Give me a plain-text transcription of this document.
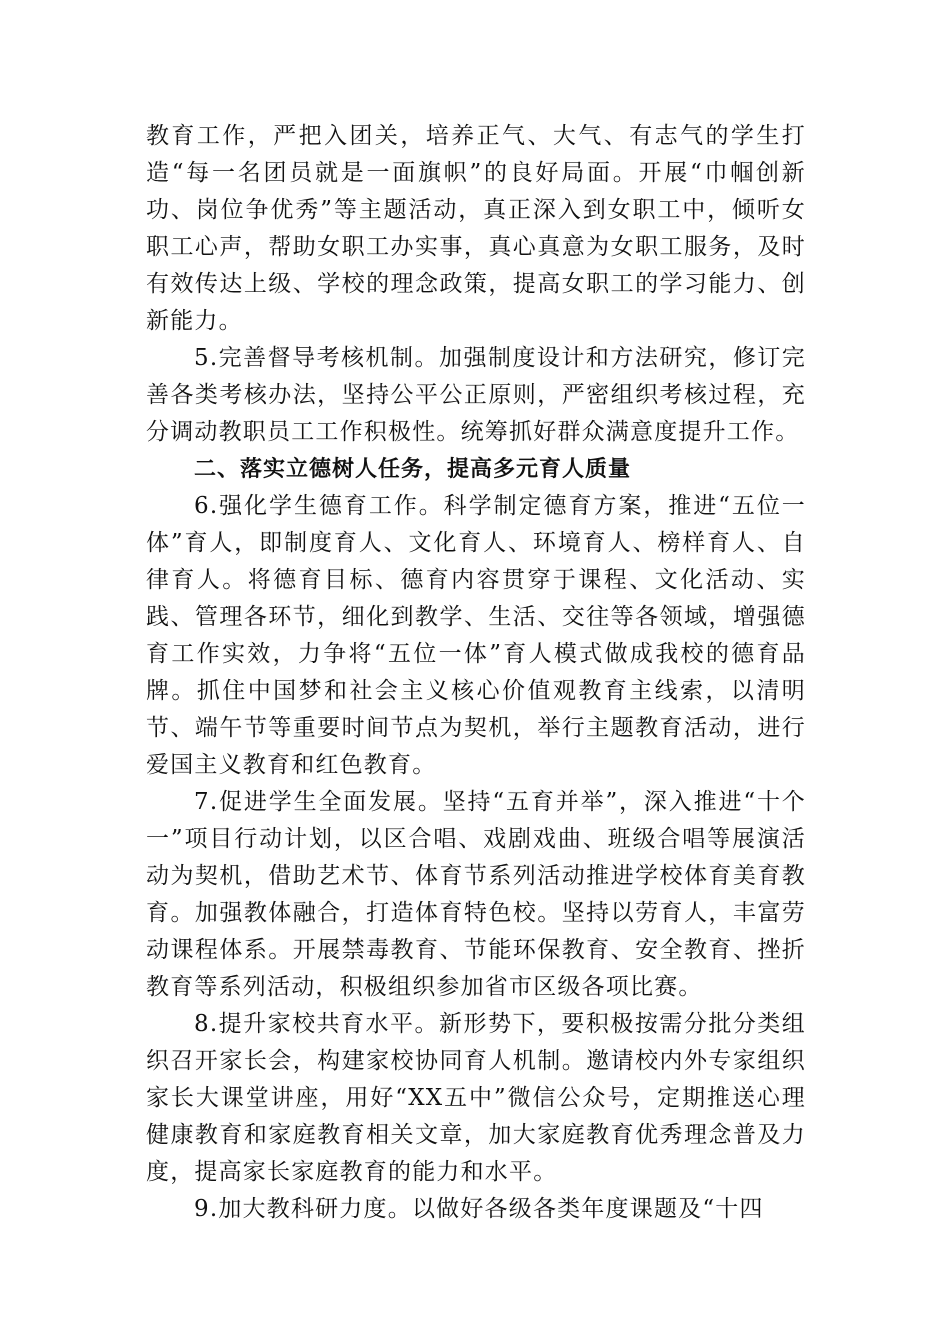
教育工作，严把入团关，培养正气、大气、有志气的学生打造“每一名团员就是一面旗帜”的良好局面。开展“巾帼创新功、岗位争优秀”等主题活动，真正深入到女职工中，倾听女职工心声，帮助女职工办实事，真心真意为女职工服务，及时有效传达上级、学校的理念政策，提高女职工的学习能力、创新能力。

5.完善督导考核机制。加强制度设计和方法研究，修订完善各类考核办法，坚持公平公正原则，严密组织考核过程，充分调动教职员工工作积极性。统筹抓好群众满意度提升工作。

二、落实立德树人任务，提高多元育人质量

6.强化学生德育工作。科学制定德育方案，推进“五位一体”育人，即制度育人、文化育人、环境育人、榜样育人、自律育人。将德育目标、德育内容贯穿于课程、文化活动、实践、管理各环节，细化到教学、生活、交往等各领域，增强德育工作实效，力争将“五位一体”育人模式做成我校的德育品牌。抓住中国梦和社会主义核心价值观教育主线索，以清明节、端午节等重要时间节点为契机，举行主题教育活动，进行爱国主义教育和红色教育。

7.促进学生全面发展。坚持“五育并举”，深入推进“十个一”项目行动计划，以区合唱、戏剧戏曲、班级合唱等展演活动为契机，借助艺术节、体育节系列活动推进学校体育美育教育。加强教体融合，打造体育特色校。坚持以劳育人，丰富劳动课程体系。开展禁毒教育、节能环保教育、安全教育、挫折教育等系列活动，积极组织参加省市区级各项比赛。

8.提升家校共育水平。新形势下，要积极按需分批分类组织召开家长会，构建家校协同育人机制。邀请校内外专家组织家长大课堂讲座，用好“XX五中”微信公众号，定期推送心理健康教育和家庭教育相关文章，加大家庭教育优秀理念普及力度，提高家长家庭教育的能力和水平。

9.加大教科研力度。以做好各级各类年度课题及“十四
